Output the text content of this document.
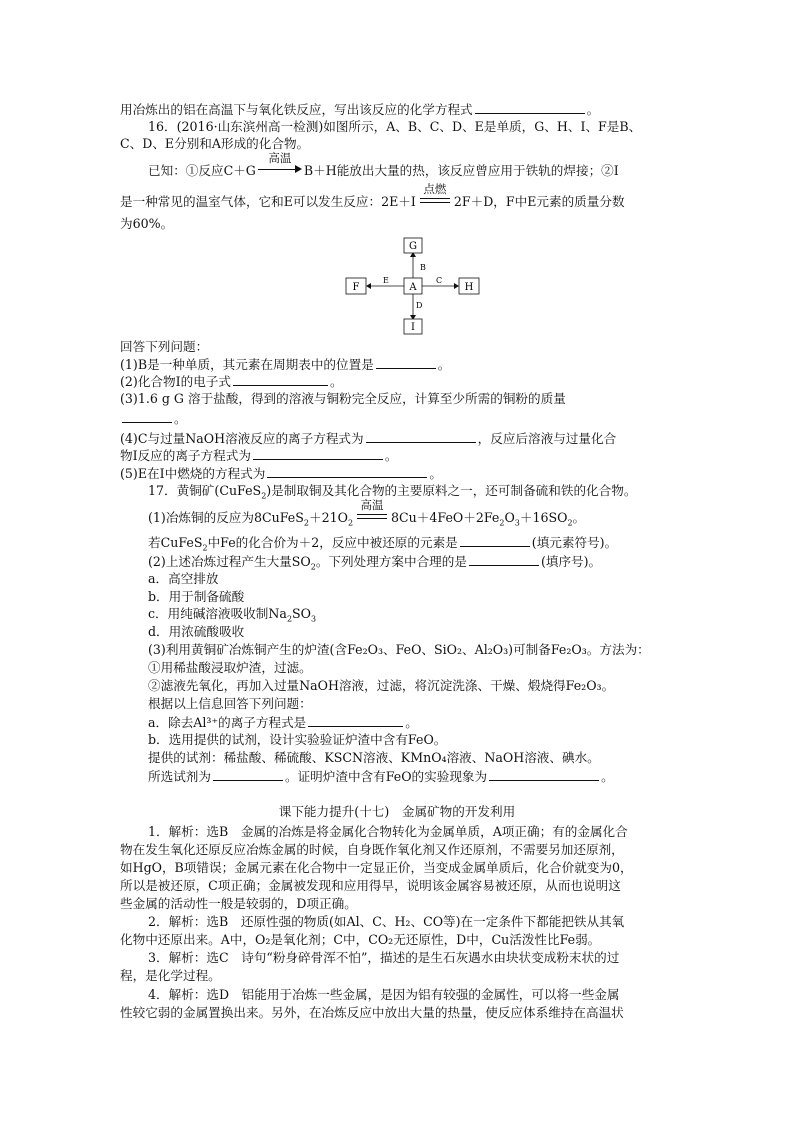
用冶炼出的铝在高温下与氧化铁反应，写出该反应的化学方程式	。
16．(2016·山东滨州高一检测)如图所示，A、B、C、D、E是单质，G、H、I、F是B、
C、D、E分别和A形成的化合物。
已知：①反应C＋G
高温
B＋H能放出大量的热，该反应曾应用于铁轨的焊接；②I
是一种常见的温室气体，它和E可以发生反应：2E＋I
点燃
2F＋D，F中E元素的质量分数
为60%。
A
G
F	H
I
B
E	C
D
回答下列问题：
(1)B是一种单质，其元素在周期表中的位置是	。
(2)化合物I的电子式	。
(3)1.6 g G 溶于盐酸，得到的溶液与铜粉完全反应，计算至少所需的铜粉的质量
。
(4)C与过量NaOH溶液反应的离子方程式为	，反应后溶液与过量化合
物I反应的离子方程式为	。
(5)E在I中燃烧的方程式为	。
17．黄铜矿(CuFeS$_2$)是制取铜及其化合物的主要原料之一，还可制备硫和铁的化合物。
(1)冶炼铜的反应为$8CuFeS_2+21O_2$
高温
$8Cu+4FeO+2Fe_2O_3+16SO_2$。
若CuFeS$_2$中Fe的化合价为＋2，反应中被还原的元素是	(填元素符号)。
(2)上述冶炼过程产生大量$SO_2$。下列处理方案中合理的是	(填序号)。
a．高空排放
b．用于制备硫酸
c．用纯碱溶液吸收制$Na_2SO_3$
d．用浓硫酸吸收
(3)利用黄铜矿冶炼铜产生的炉渣(含Fe₂O₃、FeO、SiO₂、Al₂O₃)可制备Fe₂O₃。方法为：
①用稀盐酸浸取炉渣，过滤。
②滤液先氧化，再加入过量NaOH溶液，过滤，将沉淀洗涤、干燥、煅烧得Fe₂O₃。
根据以上信息回答下列问题：
a．除去Al³⁺的离子方程式是	。
b．选用提供的试剂，设计实验验证炉渣中含有FeO。
提供的试剂：稀盐酸、稀硫酸、KSCN溶液、KMnO₄溶液、NaOH溶液、碘水。
所选试剂为	。证明炉渣中含有FeO的实验现象为	。
课下能力提升(十七)　金属矿物的开发利用
1．解析：选B　金属的冶炼是将金属化合物转化为金属单质，A项正确；有的金属化合
物在发生氧化还原反应冶炼金属的时候，自身既作氧化剂又作还原剂，不需要另加还原剂，
如HgO，B项错误；金属元素在化合物中一定显正价，当变成金属单质后，化合价就变为0，
所以是被还原，C项正确；金属被发现和应用得早，说明该金属容易被还原，从而也说明这
些金属的活动性一般是较弱的，D项正确。
2．解析：选B　还原性强的物质(如Al、C、H₂、CO等)在一定条件下都能把铁从其氧
化物中还原出来。A中，O₂是氧化剂；C中，CO₂无还原性，D中，Cu活泼性比Fe弱。
3．解析：选C　诗句“粉身碎骨浑不怕”，描述的是生石灰遇水由块状变成粉末状的过
程，是化学过程。
4．解析：选D　铝能用于冶炼一些金属，是因为铝有较强的金属性，可以将一些金属
性较它弱的金属置换出来。另外，在冶炼反应中放出大量的热量，使反应体系维持在高温状
